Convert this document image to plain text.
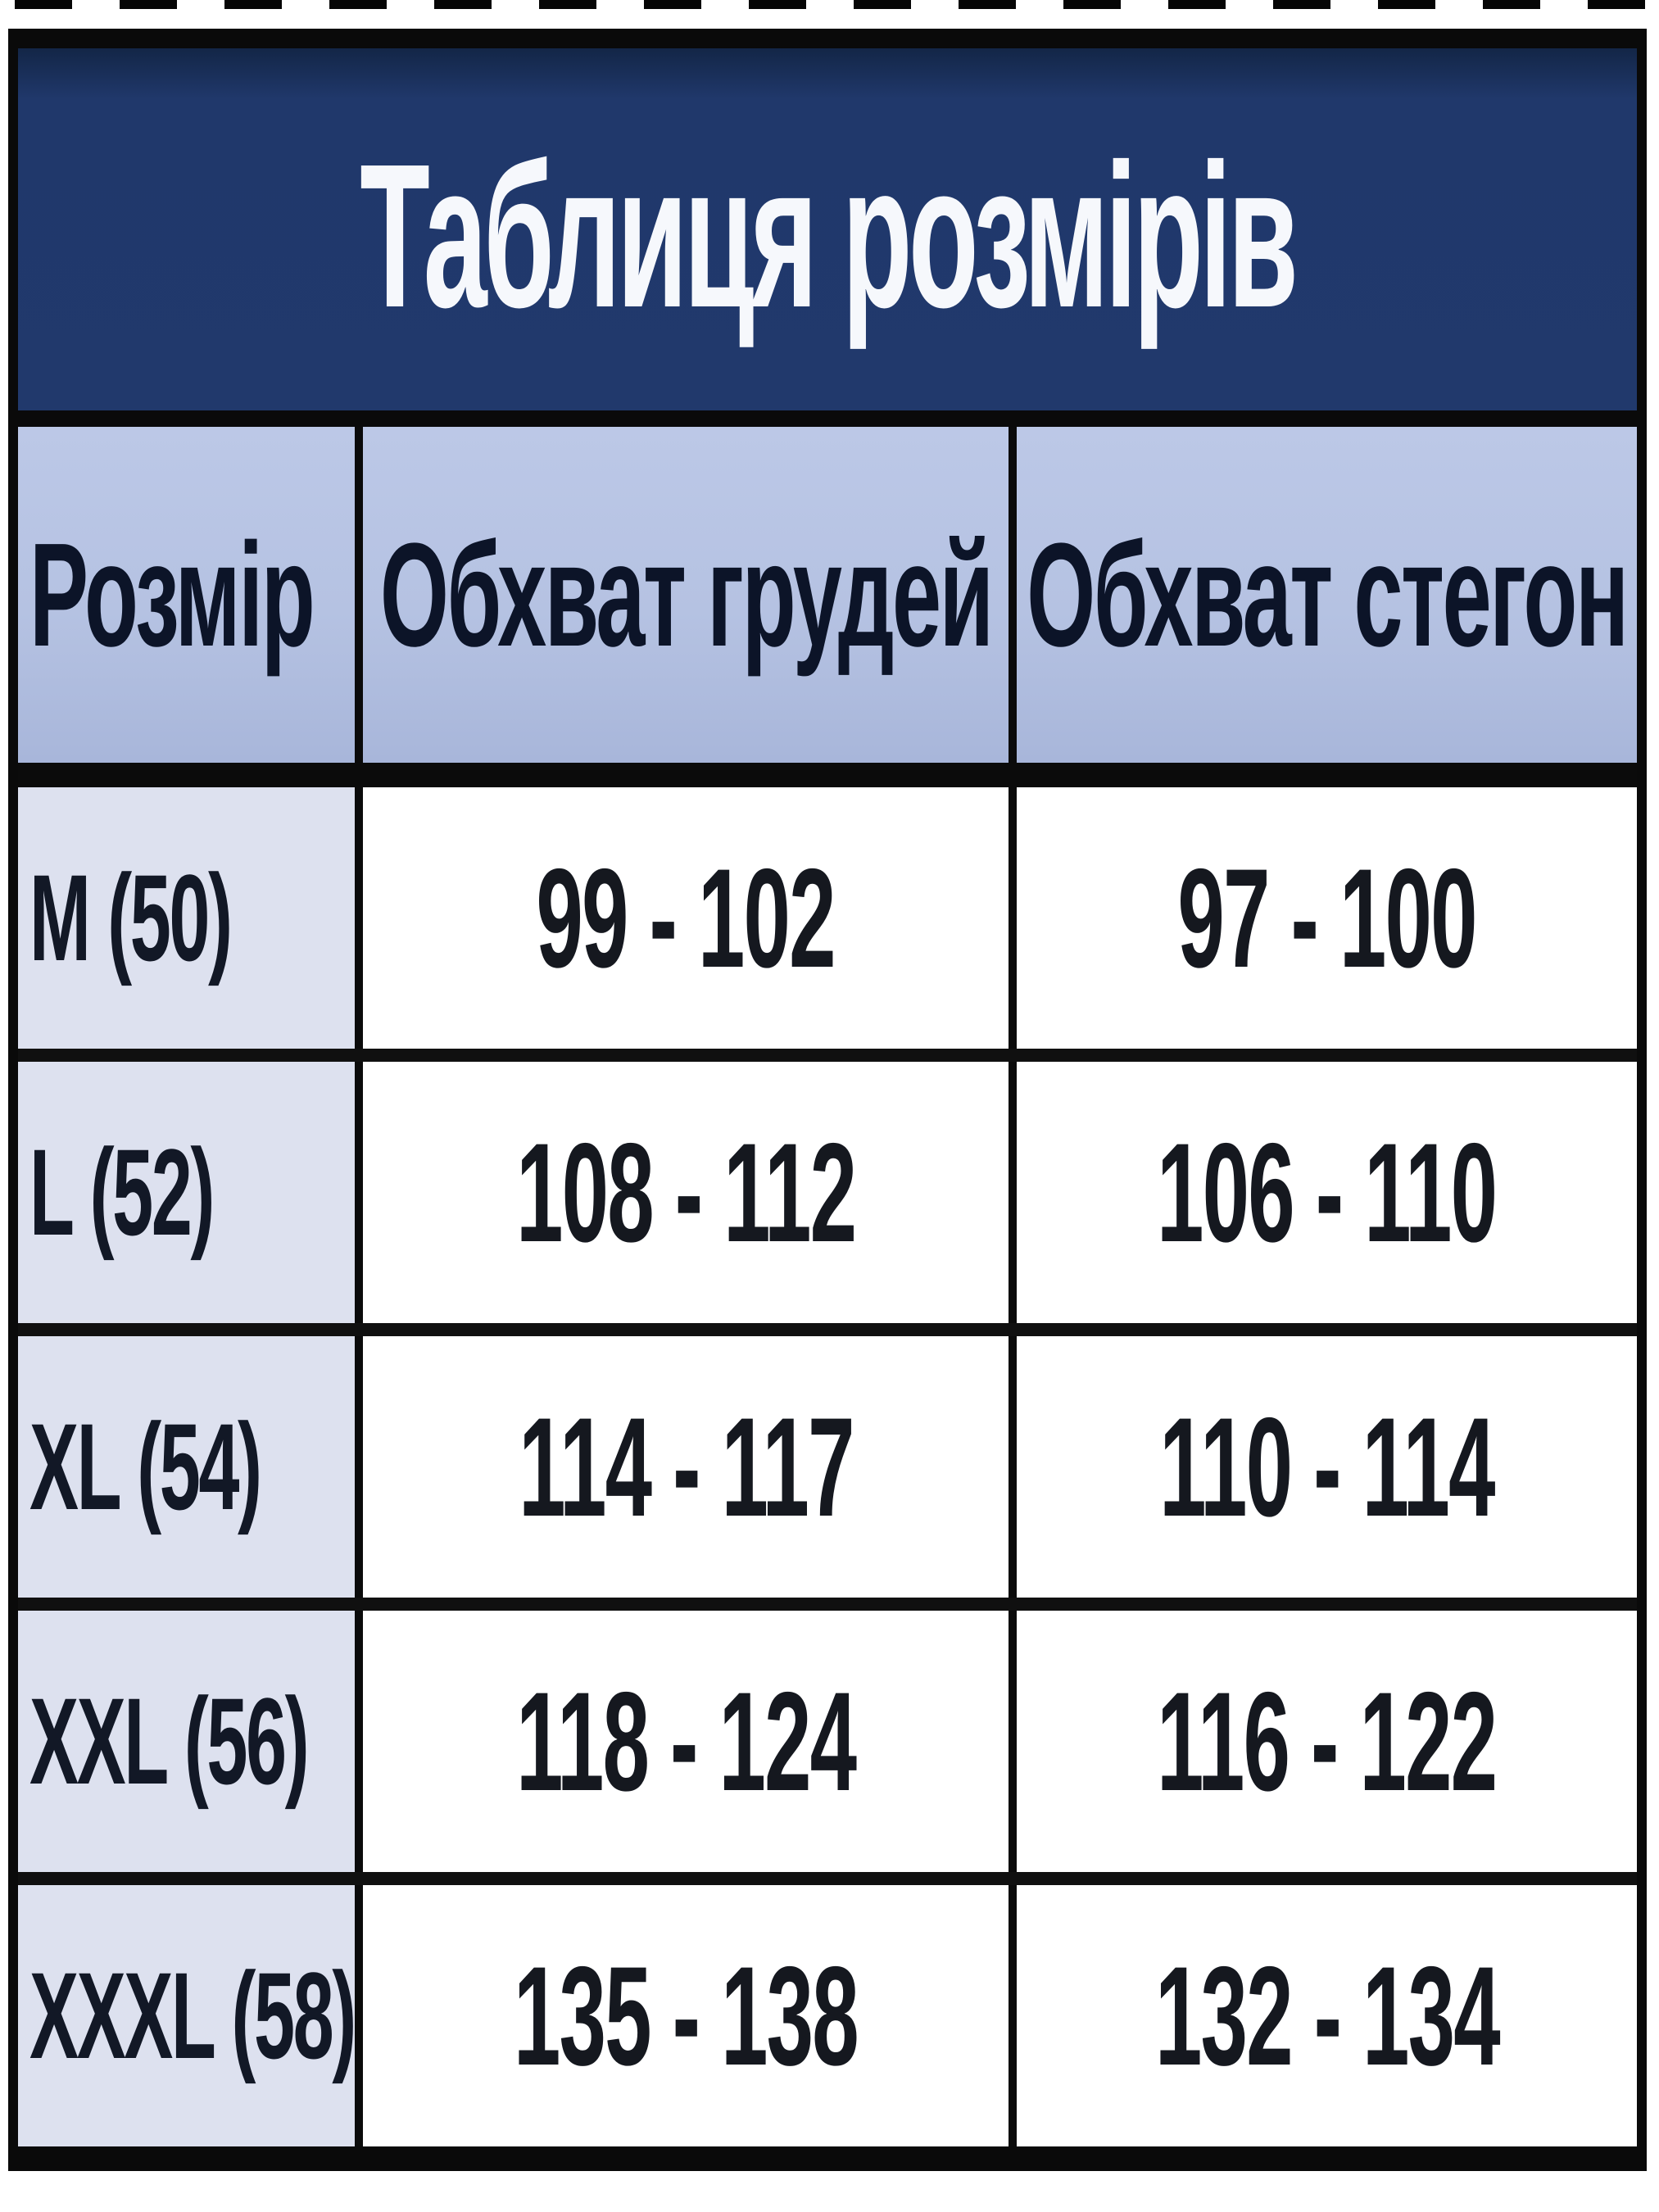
Таблиця розмірів
Розмір Обхват грудей Обхват стегон
M (50) 99 - 102 97 - 100
L (52) 108 - 112 106 - 110
XL (54) 114 - 117 110 - 114
XXL (56) 118 - 124 116 - 122
XXXL (58) 135 - 138 132 - 134
